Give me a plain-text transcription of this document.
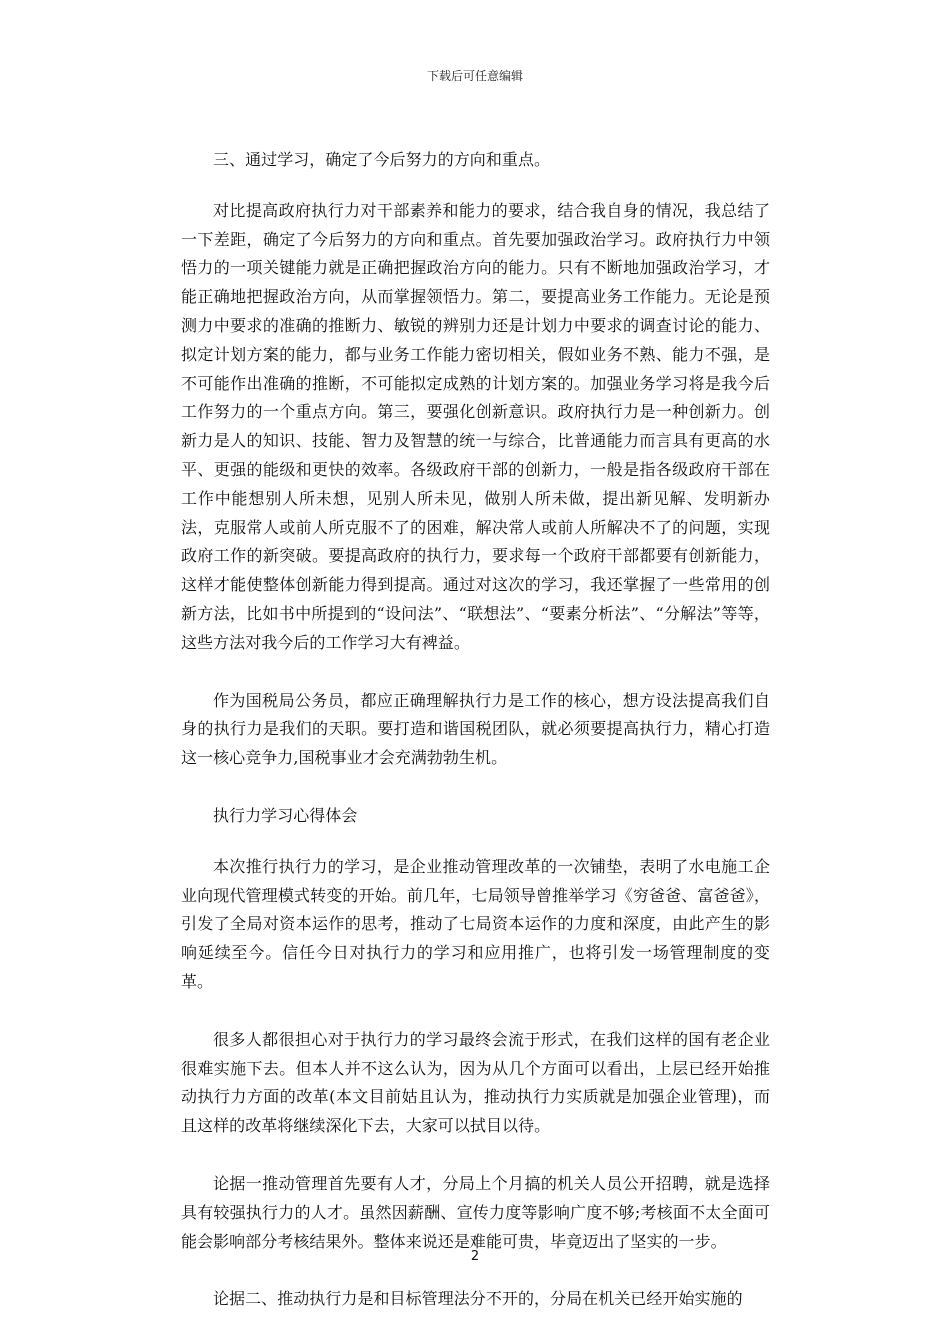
下载后可任意编辑

三、通过学习，确定了今后努力的方向和重点。

对比提高政府执行力对干部素养和能力的要求，结合我自身的情况，我总结了一下差距，确定了今后努力的方向和重点。首先要加强政治学习。政府执行力中领悟力的一项关键能力就是正确把握政治方向的能力。只有不断地加强政治学习，才能正确地把握政治方向，从而掌握领悟力。第二，要提高业务工作能力。无论是预测力中要求的准确的推断力、敏锐的辨别力还是计划力中要求的调查讨论的能力、拟定计划方案的能力，都与业务工作能力密切相关，假如业务不熟、能力不强，是不可能作出准确的推断，不可能拟定成熟的计划方案的。加强业务学习将是我今后工作努力的一个重点方向。第三，要强化创新意识。政府执行力是一种创新力。创新力是人的知识、技能、智力及智慧的统一与综合，比普通能力而言具有更高的水平、更强的能级和更快的效率。各级政府干部的创新力，一般是指各级政府干部在工作中能想别人所未想，见别人所未见，做别人所未做，提出新见解、发明新办法，克服常人或前人所克服不了的困难，解决常人或前人所解决不了的问题，实现政府工作的新突破。要提高政府的执行力，要求每一个政府干部都要有创新能力，这样才能使整体创新能力得到提高。通过对这次的学习，我还掌握了一些常用的创新方法，比如书中所提到的“设问法”、“联想法”、“要素分析法”、“分解法”等等，这些方法对我今后的工作学习大有裨益。

作为国税局公务员，都应正确理解执行力是工作的核心，想方设法提高我们自身的执行力是我们的天职。要打造和谐国税团队，就必须要提高执行力，精心打造这一核心竞争力,国税事业才会充满勃勃生机。

执行力学习心得体会

本次推行执行力的学习，是企业推动管理改革的一次铺垫，表明了水电施工企业向现代管理模式转变的开始。前几年，七局领导曾推举学习《穷爸爸、富爸爸》，引发了全局对资本运作的思考，推动了七局资本运作的力度和深度，由此产生的影响延续至今。信任今日对执行力的学习和应用推广，也将引发一场管理制度的变革。

很多人都很担心对于执行力的学习最终会流于形式，在我们这样的国有老企业很难实施下去。但本人并不这么认为，因为从几个方面可以看出，上层已经开始推动执行力方面的改革(本文目前姑且认为，推动执行力实质就是加强企业管理)，而且这样的改革将继续深化下去，大家可以拭目以待。

论据一推动管理首先要有人才，分局上个月搞的机关人员公开招聘，就是选择具有较强执行力的人才。虽然因薪酬、宣传力度等影响广度不够;考核面不太全面可能会影响部分考核结果外。整体来说还是难能可贵，毕竟迈出了坚实的一步。

论据二、推动执行力是和目标管理法分不开的，分局在机关已经开始实施的

2
